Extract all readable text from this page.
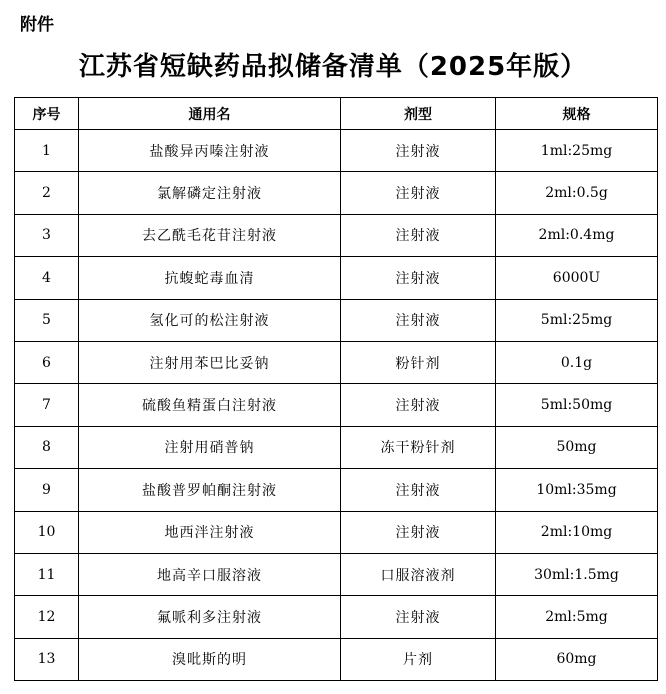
附件
江苏省短缺药品拟储备清单（2025年版）
序号	通用名	剂型	规格
1	盐酸异丙嗪注射液	注射液	1ml:25mg
2	氯解磷定注射液	注射液	2ml:0.5g
3	去乙酰毛花苷注射液	注射液	2ml:0.4mg
4	抗蝮蛇毒血清	注射液	6000U
5	氢化可的松注射液	注射液	5ml:25mg
6	注射用苯巴比妥钠	粉针剂	0.1g
7	硫酸鱼精蛋白注射液	注射液	5ml:50mg
8	注射用硝普钠	冻干粉针剂	50mg
9	盐酸普罗帕酮注射液	注射液	10ml:35mg
10	地西泮注射液	注射液	2ml:10mg
11	地高辛口服溶液	口服溶液剂	30ml:1.5mg
12	氟哌利多注射液	注射液	2ml:5mg
13	溴吡斯的明	片剂	60mg
